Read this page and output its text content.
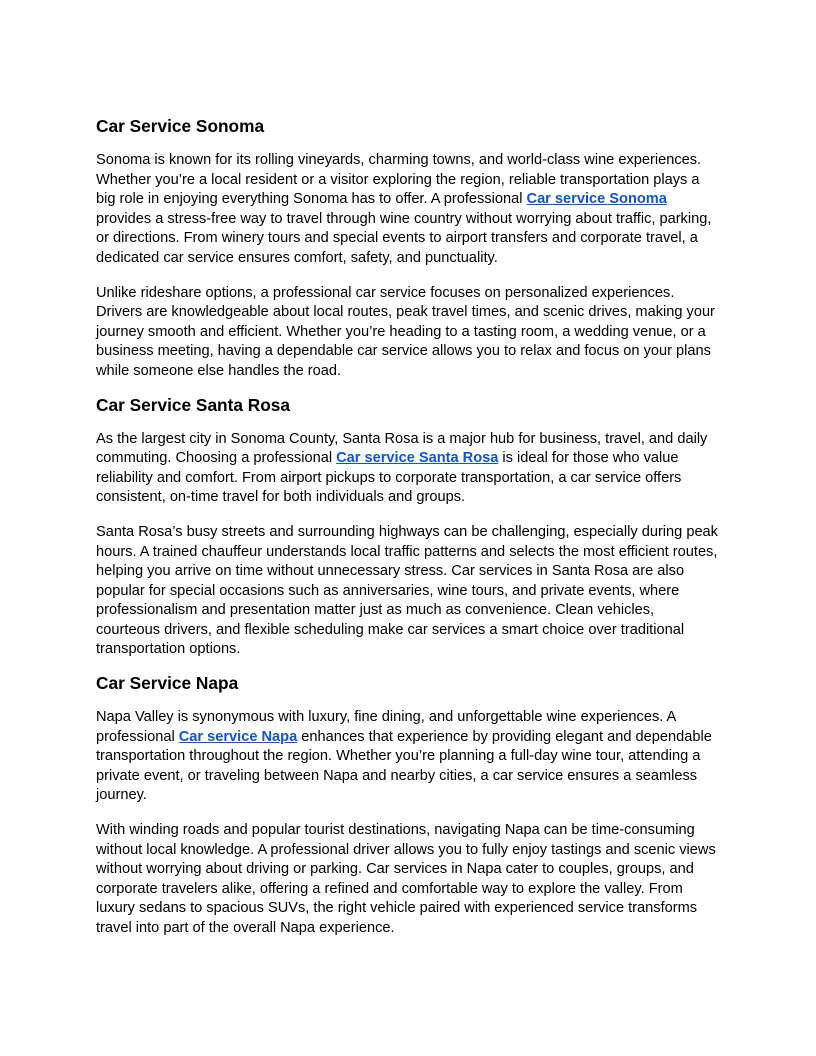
Car Service Sonoma

Sonoma is known for its rolling vineyards, charming towns, and world-class wine experiences. Whether you’re a local resident or a visitor exploring the region, reliable transportation plays a big role in enjoying everything Sonoma has to offer. A professional Car service Sonoma provides a stress-free way to travel through wine country without worrying about traffic, parking, or directions. From winery tours and special events to airport transfers and corporate travel, a dedicated car service ensures comfort, safety, and punctuality.

Unlike rideshare options, a professional car service focuses on personalized experiences. Drivers are knowledgeable about local routes, peak travel times, and scenic drives, making your journey smooth and efficient. Whether you’re heading to a tasting room, a wedding venue, or a business meeting, having a dependable car service allows you to relax and focus on your plans while someone else handles the road.

Car Service Santa Rosa

As the largest city in Sonoma County, Santa Rosa is a major hub for business, travel, and daily commuting. Choosing a professional Car service Santa Rosa is ideal for those who value reliability and comfort. From airport pickups to corporate transportation, a car service offers consistent, on-time travel for both individuals and groups.

Santa Rosa’s busy streets and surrounding highways can be challenging, especially during peak hours. A trained chauffeur understands local traffic patterns and selects the most efficient routes, helping you arrive on time without unnecessary stress. Car services in Santa Rosa are also popular for special occasions such as anniversaries, wine tours, and private events, where professionalism and presentation matter just as much as convenience. Clean vehicles, courteous drivers, and flexible scheduling make car services a smart choice over traditional transportation options.

Car Service Napa

Napa Valley is synonymous with luxury, fine dining, and unforgettable wine experiences. A professional Car service Napa enhances that experience by providing elegant and dependable transportation throughout the region. Whether you’re planning a full-day wine tour, attending a private event, or traveling between Napa and nearby cities, a car service ensures a seamless journey.

With winding roads and popular tourist destinations, navigating Napa can be time-consuming without local knowledge. A professional driver allows you to fully enjoy tastings and scenic views without worrying about driving or parking. Car services in Napa cater to couples, groups, and corporate travelers alike, offering a refined and comfortable way to explore the valley. From luxury sedans to spacious SUVs, the right vehicle paired with experienced service transforms travel into part of the overall Napa experience.
